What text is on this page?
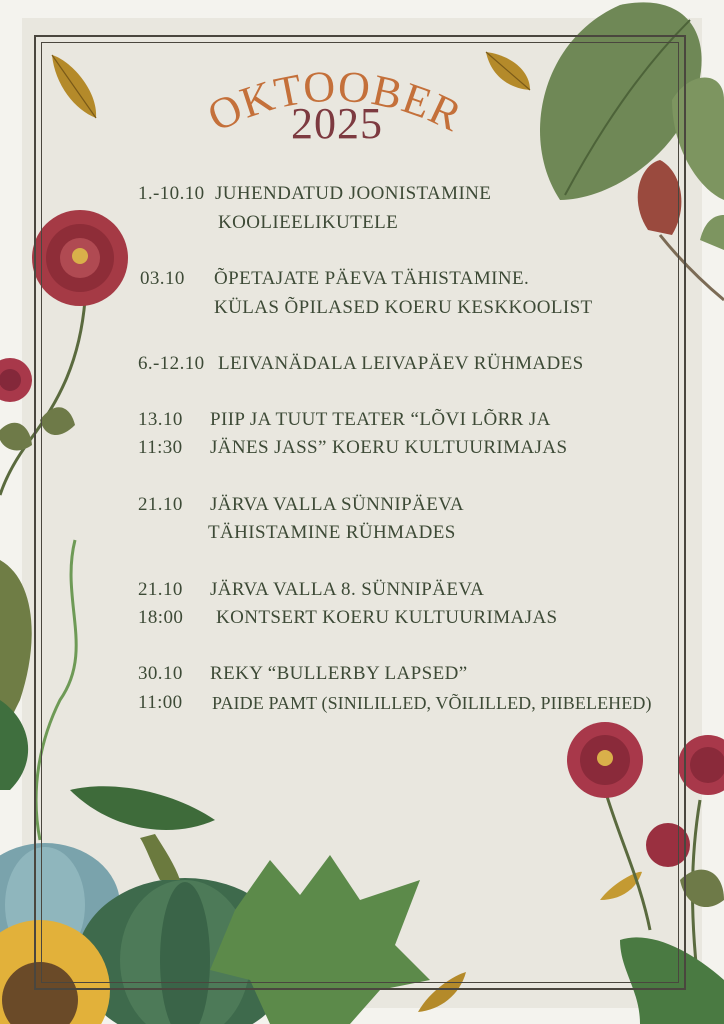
OKTOOBER
2025
1.-10.10 JUHENDATUD JOONISTAMINE
KOOLIEELIKUTELE
03.10 ÕPETAJATE PÄEVA TÄHISTAMINE.
KÜLAS ÕPILASED KOERU KESKKOOLIST
6.-12.10 LEIVANÄDALA LEIVAPÄEV RÜHMADES
13.10 PIIP JA TUUT TEATER “LÕVI LÕRR JA
11:30 JÄNES JASS” KOERU KULTUURIMAJAS
21.10 JÄRVA VALLA SÜNNIPÄEVA
TÄHISTAMINE RÜHMADES
21.10 JÄRVA VALLA 8. SÜNNIPÄEVA
18:00 KONTSERT KOERU KULTUURIMAJAS
30.10 REKY “BULLERBY LAPSED”
11:00 PAIDE PAMT (SINILILLED, VÕILILLED, PIIBELEHED)
